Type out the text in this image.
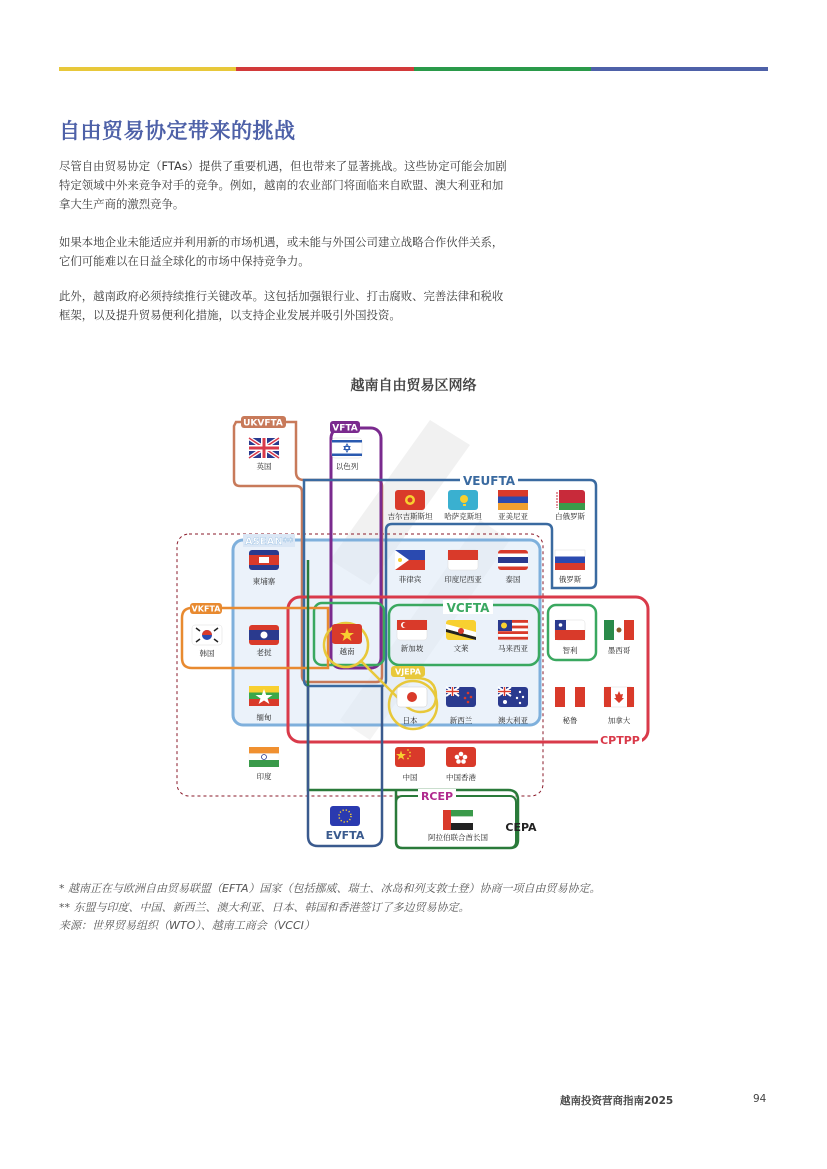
自由贸易协定带来的挑战

尽管自由贸易协定（FTAs）提供了重要机遇，但也带来了显著挑战。这些协定可能会加剧
特定领域中外来竞争对手的竞争。例如，越南的农业部门将面临来自欧盟、澳大利亚和加
拿大生产商的激烈竞争。

如果本地企业未能适应并利用新的市场机遇，或未能与外国公司建立战略合作伙伴关系，
它们可能难以在日益全球化的市场中保持竞争力。

此外，越南政府必须持续推行关键改革。这包括加强银行业、打击腐败、完善法律和税收
框架，以及提升贸易便利化措施，以支持企业发展并吸引外国投资。

越南自由贸易区网络
UKVFTA	VFTA
VEUFTA
ASEAN**
VKFTA	VCFTA
VJEPA
CPTPP
RCEP
CEPA
EVFTA
英国	以色列
吉尔吉斯斯坦 哈萨克斯坦 亚美尼亚	白俄罗斯
柬埔寨	菲律宾	印度尼西亚	泰国	俄罗斯
韩国	老挝	越南	新加坡	文莱	马来西亚	智利	墨西哥
缅甸	日本	新西兰	澳大利亚	秘鲁	加拿大
印度	中国	中国香港
阿拉伯联合酋长国

* 越南正在与欧洲自由贸易联盟（EFTA）国家（包括挪威、瑞士、冰岛和列支敦士登）协商一项自由贸易协定。

** 东盟与印度、中国、新西兰、澳大利亚、日本、韩国和香港签订了多边贸易协定。

来源：世界贸易组织（WTO）、越南工商会（VCCI）

越南投资营商指南2025	94
